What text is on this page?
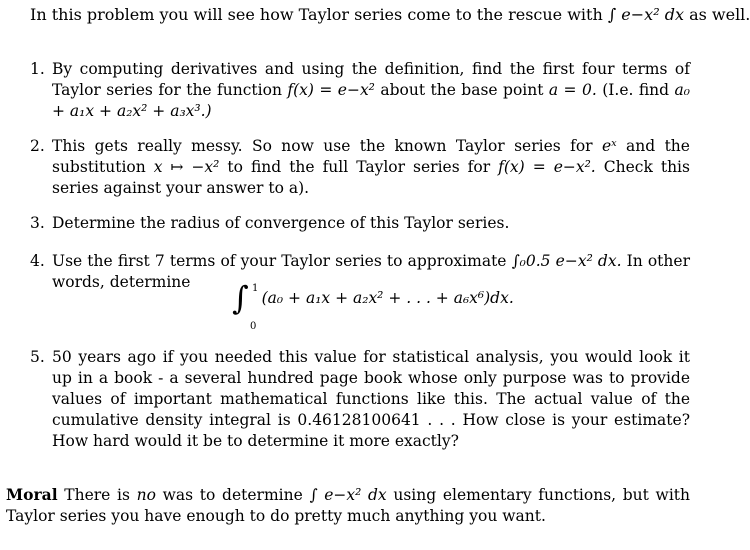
In this problem you will see how Taylor series come to the rescue with ∫ e−x² dx as well.
1. By computing derivatives and using the definition, find the first four terms of Taylor series for the function f(x) = e−x² about the base point a = 0. (I.e. find a₀ + a₁x + a₂x² + a₃x³.)
2. This gets really messy. So now use the known Taylor series for eˣ and the substitution x ↦ −x² to find the full Taylor series for f(x) = e−x². Check this series against your answer to a).
3. Determine the radius of convergence of this Taylor series.
4. Use the first 7 terms of your Taylor series to approximate ∫₀0.5 e−x² dx. In other words, determine	∫ 1
0
(a₀ + a₁x + a₂x² + . . . + a₆x⁶)dx.
5. 50 years ago if you needed this value for statistical analysis, you would look it up in a book - a several hundred page book whose only purpose was to provide values of important mathematical functions like this. The actual value of the cumulative density integral is 0.46128100641 . . . How close is your estimate? How hard would it be to determine it more exactly?
Moral There is no was to determine ∫ e−x² dx using elementary functions, but with Taylor series you have enough to do pretty much anything you want.
